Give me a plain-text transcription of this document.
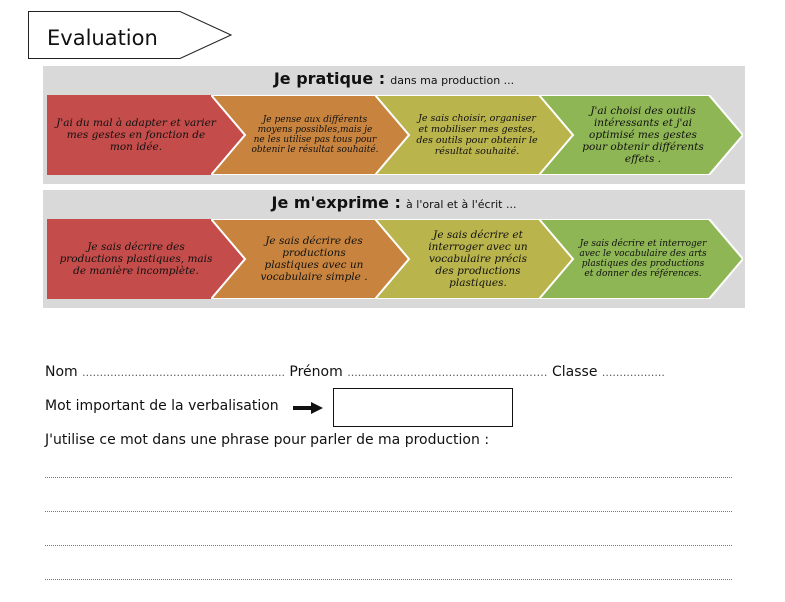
Evaluation
Je pratique : dans ma production ...
J'ai du mal à adapter et varier mes gestes en fonction de mon idée.
Je pense aux différents moyens possibles,mais je ne les utilise pas tous pour obtenir le résultat souhaité.
Je sais choisir, organiser et mobiliser mes gestes, des outils pour obtenir le résultat souhaité.
J'ai choisi des outils intéressants et j'ai optimisé mes gestes pour obtenir différents effets .
Je m'exprime : à l'oral et à l'écrit ...
Je sais décrire des productions plastiques, mais de manière incomplète.
Je sais décrire des productions plastiques avec un vocabulaire simple .
Je sais décrire et interroger avec un vocabulaire précis des productions plastiques.
Je sais décrire et interroger avec le vocabulaire des arts plastiques des productions et donner des références.
Nom .......................................................... Prénom ...................................................…… Classe ..................
Mot important de la verbalisation
J'utilise ce mot dans une phrase pour parler de ma production :
